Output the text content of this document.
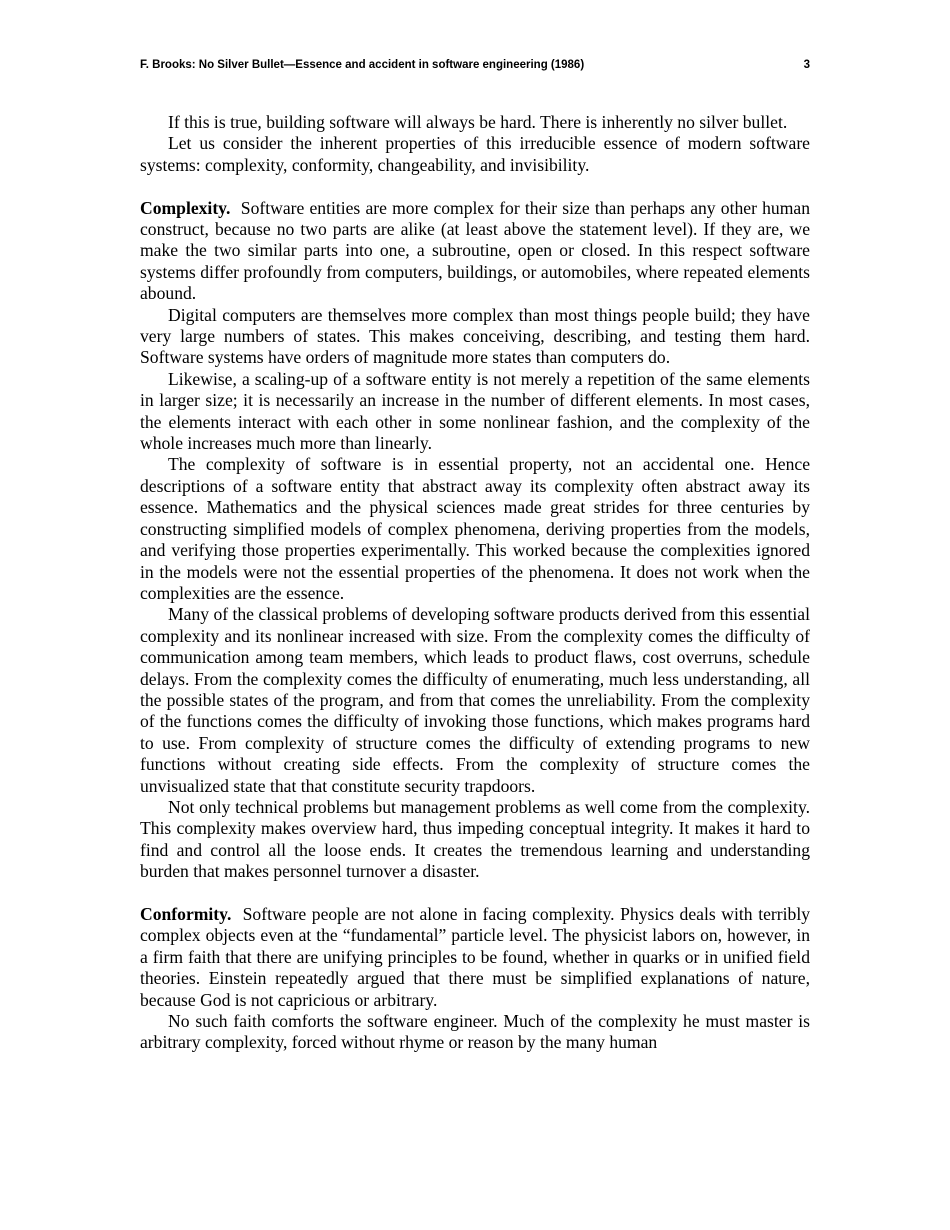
F. Brooks: No Silver Bullet—Essence and accident in software engineering (1986)	3

If this is true, building software will always be hard. There is inherently no silver bullet.

Let us consider the inherent properties of this irreducible essence of modern software systems: complexity, conformity, changeability, and invisibility.

Complexity. Software entities are more complex for their size than perhaps any other human construct, because no two parts are alike (at least above the statement level). If they are, we make the two similar parts into one, a subroutine, open or closed. In this respect software systems differ profoundly from computers, buildings, or automobiles, where repeated elements abound.

Digital computers are themselves more complex than most things people build; they have very large numbers of states. This makes conceiving, describing, and testing them hard. Software systems have orders of magnitude more states than computers do.

Likewise, a scaling-up of a software entity is not merely a repetition of the same elements in larger size; it is necessarily an increase in the number of different elements. In most cases, the elements interact with each other in some nonlinear fashion, and the complexity of the whole increases much more than linearly.

The complexity of software is in essential property, not an accidental one. Hence descriptions of a software entity that abstract away its complexity often abstract away its essence. Mathematics and the physical sciences made great strides for three centuries by constructing simplified models of complex phenomena, deriving properties from the models, and verifying those properties experimentally. This worked because the complexities ignored in the models were not the essential properties of the phenomena. It does not work when the complexities are the essence.

Many of the classical problems of developing software products derived from this essential complexity and its nonlinear increased with size. From the complexity comes the difficulty of communication among team members, which leads to product flaws, cost overruns, schedule delays. From the complexity comes the difficulty of enumerating, much less understanding, all the possible states of the program, and from that comes the unreliability. From the complexity of the functions comes the difficulty of invoking those functions, which makes programs hard to use. From complexity of structure comes the difficulty of extending programs to new functions without creating side effects. From the complexity of structure comes the unvisualized state that that constitute security trapdoors.

Not only technical problems but management problems as well come from the complexity. This complexity makes overview hard, thus impeding conceptual integrity. It makes it hard to find and control all the loose ends. It creates the tremendous learning and understanding burden that makes personnel turnover a disaster.

Conformity. Software people are not alone in facing complexity. Physics deals with terribly complex objects even at the “fundamental” particle level. The physicist labors on, however, in a firm faith that there are unifying principles to be found, whether in quarks or in unified field theories. Einstein repeatedly argued that there must be simplified explanations of nature, because God is not capricious or arbitrary.

No such faith comforts the software engineer. Much of the complexity he must master is arbitrary complexity, forced without rhyme or reason by the many human
